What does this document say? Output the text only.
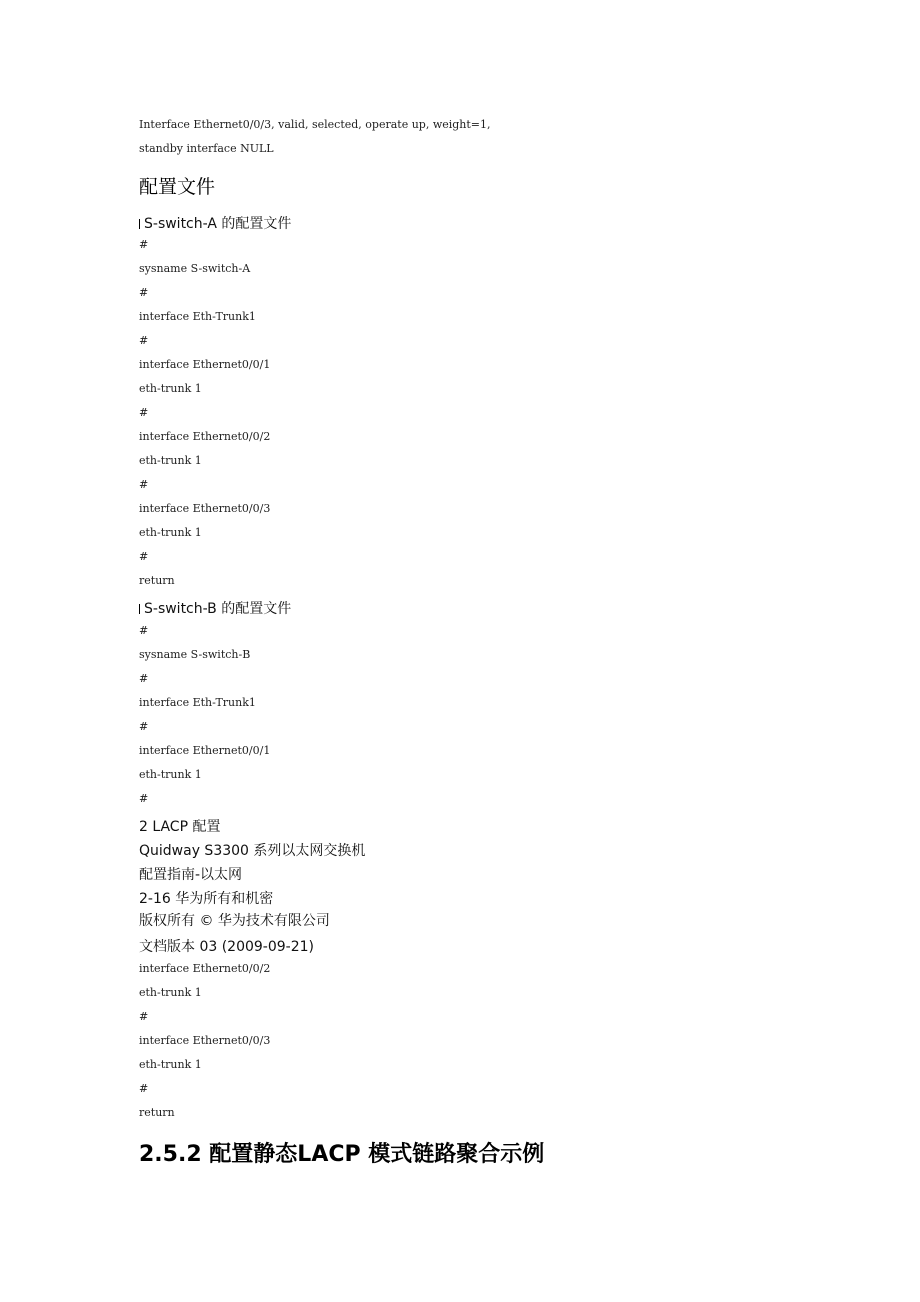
Interface Ethernet0/0/3, valid, selected, operate up, weight=1,

standby interface NULL

配置文件

S-switch-A 的配置文件

#

sysname S-switch-A

#

interface Eth-Trunk1

#

interface Ethernet0/0/1

eth-trunk 1

#

interface Ethernet0/0/2

eth-trunk 1

#

interface Ethernet0/0/3

eth-trunk 1

#

return

S-switch-B 的配置文件

#

sysname S-switch-B

#

interface Eth-Trunk1

#

interface Ethernet0/0/1

eth-trunk 1

#

2 LACP 配置

Quidway S3300 系列以太网交换机

配置指南-以太网

2-16 华为所有和机密

版权所有 © 华为技术有限公司

文档版本 03 (2009-09-21)

interface Ethernet0/0/2

eth-trunk 1

#

interface Ethernet0/0/3

eth-trunk 1

#

return

2.5.2 配置静态LACP 模式链路聚合示例
